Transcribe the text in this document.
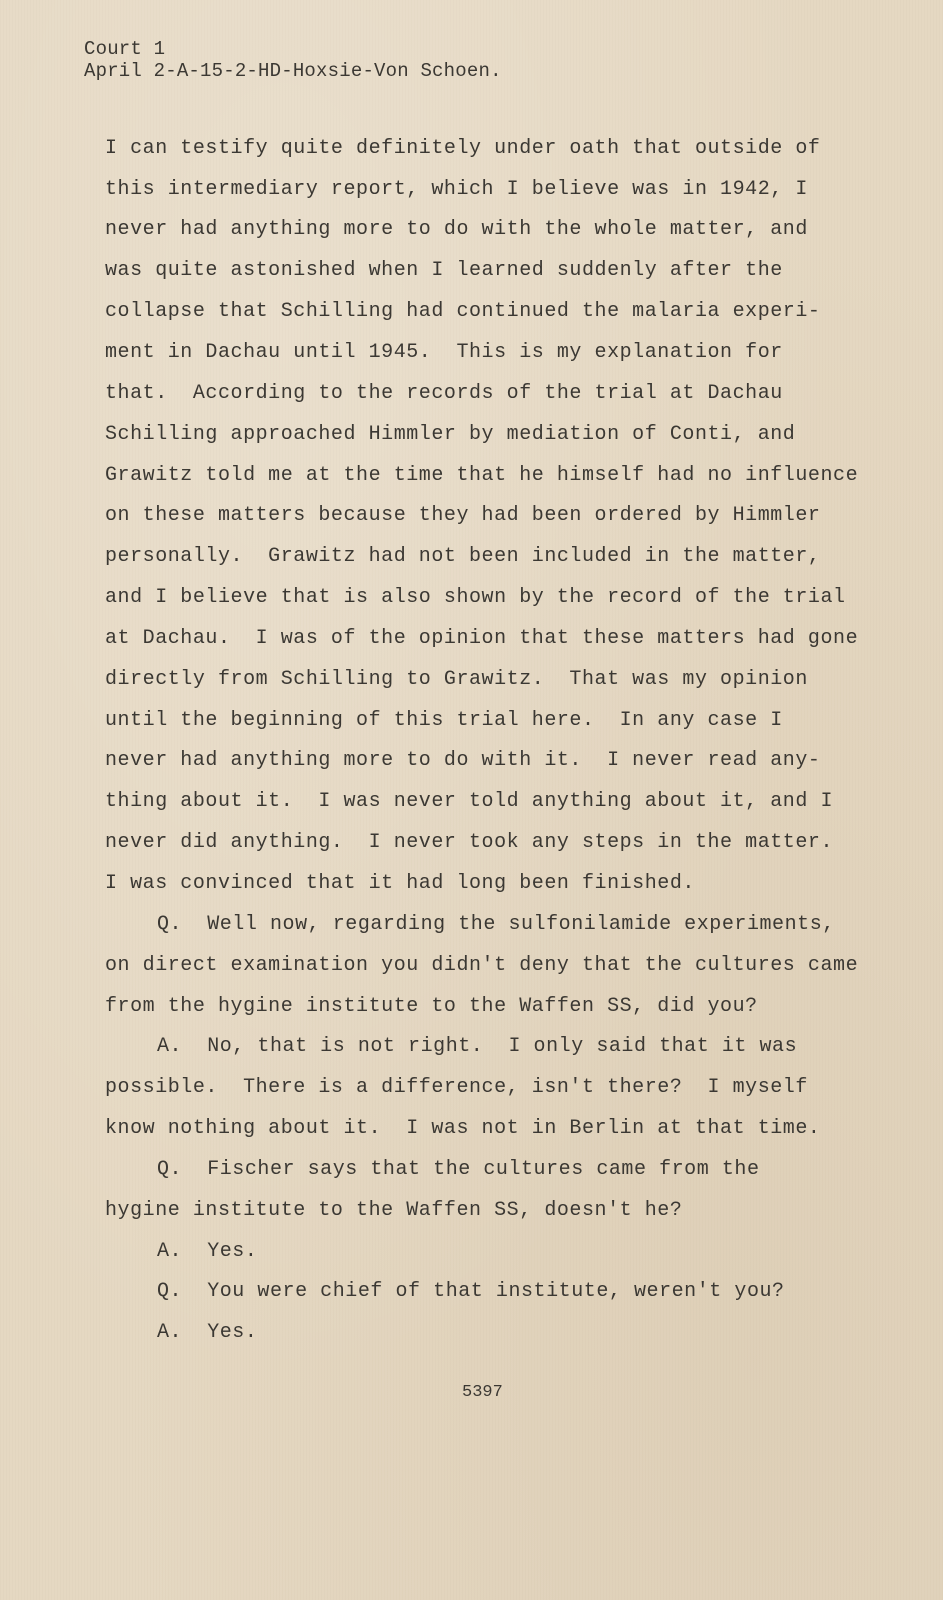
Court 1
April 2-A-15-2-HD-Hoxsie-Von Schoen.
I can testify quite definitely under oath that outside of
this intermediary report, which I believe was in 1942, I
never had anything more to do with the whole matter, and
was quite astonished when I learned suddenly after the
collapse that Schilling had continued the malaria experi-
ment in Dachau until 1945.  This is my explanation for
that.  According to the records of the trial at Dachau
Schilling approached Himmler by mediation of Conti, and
Grawitz told me at the time that he himself had no influence
on these matters because they had been ordered by Himmler
personally.  Grawitz had not been included in the matter,
and I believe that is also shown by the record of the trial
at Dachau.  I was of the opinion that these matters had gone
directly from Schilling to Grawitz.  That was my opinion
until the beginning of this trial here.  In any case I
never had anything more to do with it.  I never read any-
thing about it.  I was never told anything about it, and I
never did anything.  I never took any steps in the matter.
I was convinced that it had long been finished.
Q.  Well now, regarding the sulfonilamide experiments,
on direct examination you didn't deny that the cultures came
from the hygine institute to the Waffen SS, did you?
A.  No, that is not right.  I only said that it was
possible.  There is a difference, isn't there?  I myself
know nothing about it.  I was not in Berlin at that time.
Q.  Fischer says that the cultures came from the
hygine institute to the Waffen SS, doesn't he?
A.  Yes.
Q.  You were chief of that institute, weren't you?
A.  Yes.
5397
